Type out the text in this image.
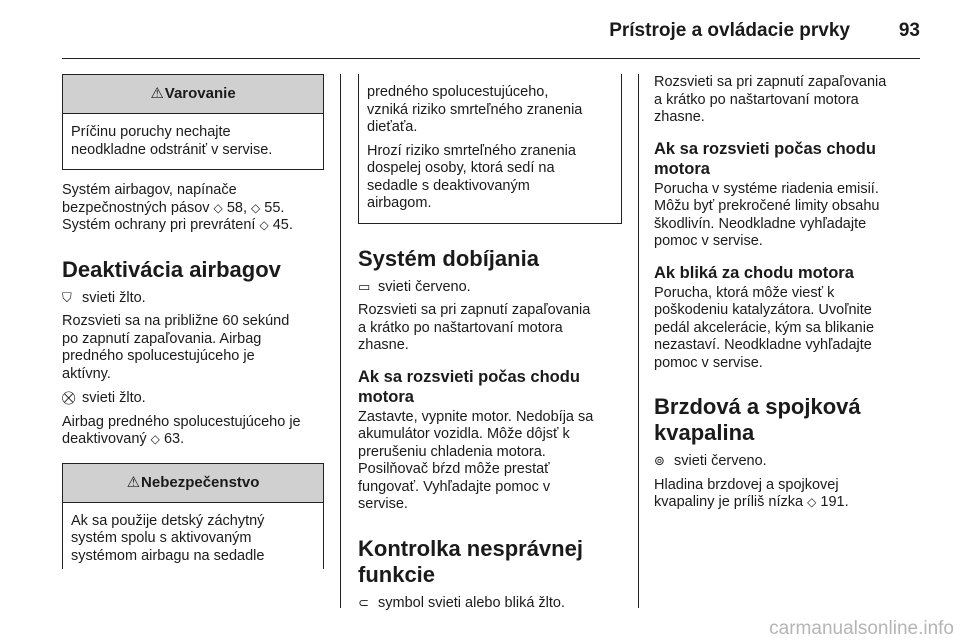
Prístroje a ovládacie prvky	93
⚠ Varovanie
Príčinu poruchy nechajte
neodkladne odstrániť v servise.

Systém airbagov, napínače
bezpečnostných pásov ◇ 58, ◇ 55.
Systém ochrany pri prevrátení ◇ 45.

Deaktivácia airbagov

⛉ svieti žlto.

Rozsvieti sa na približne 60 sekúnd
po zapnutí zapaľovania. Airbag
predného spolucestujúceho je
aktívny.

⛒ svieti žlto.

Airbag predného spolucestujúceho je
deaktivovaný ◇ 63.

⚠ Nebezpečenstvo
Ak sa použije detský záchytný
systém spolu s aktivovaným
systémom airbagu na sedadle

predného spolucestujúceho,
vzniká riziko smrteľného zranenia
dieťaťa.

Hrozí riziko smrteľného zranenia
dospelej osoby, ktorá sedí na
sedadle s deaktivovaným
airbagom.

Systém dobíjania

▭ svieti červeno.

Rozsvieti sa pri zapnutí zapaľovania
a krátko po naštartovaní motora
zhasne.

Ak sa rozsvieti počas chodu
motora

Zastavte, vypnite motor. Nedobíja sa
akumulátor vozidla. Môže dôjsť k
prerušeniu chladenia motora.
Posilňovač bŕzd môže prestať
fungovať. Vyhľadajte pomoc v
servise.

Kontrolka nesprávnej
funkcie

⊂ symbol svieti alebo bliká žlto.

Rozsvieti sa pri zapnutí zapaľovania
a krátko po naštartovaní motora
zhasne.

Ak sa rozsvieti počas chodu
motora

Porucha v systéme riadenia emisií.
Môžu byť prekročené limity obsahu
škodlivín. Neodkladne vyhľadajte
pomoc v servise.

Ak bliká za chodu motora

Porucha, ktorá môže viesť k
poškodeniu katalyzátora. Uvoľnite
pedál akcelerácie, kým sa blikanie
nezastaví. Neodkladne vyhľadajte
pomoc v servise.

Brzdová a spojková
kvapalina

⊚ svieti červeno.

Hladina brzdovej a spojkovej
kvapaliny je príliš nízka ◇ 191.

carmanualsonline.info
